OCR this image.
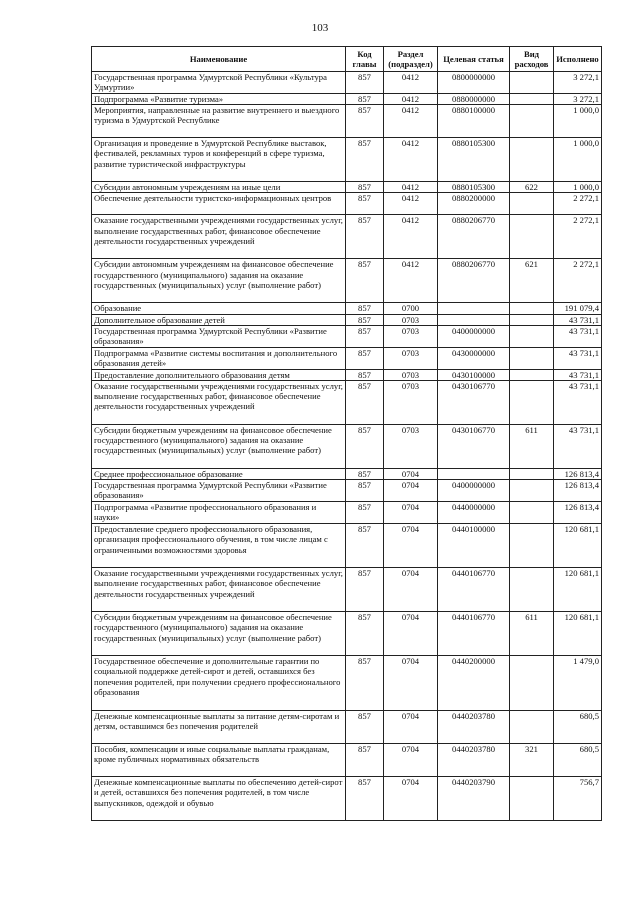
103
Наименование	Код главы	Раздел (подраздел)	Целевая статья	Вид расходов	Исполнено
Государственная программа Удмуртской Республики «Культура Удмуртии»	857	0412	0800000000		3 272,1
Подпрограмма «Развитие туризма»	857	0412	0880000000		3 272,1
Мероприятия, направленные на развитие внутреннего и выездного туризма в Удмуртской Республике	857	0412	0880100000		1 000,0
Организация и проведение в Удмуртской Республике выставок, фестивалей, рекламных туров и конференций в сфере туризма, развитие туристической инфраструктуры	857	0412	0880105300		1 000,0
Субсидии автономным учреждениям на иные цели	857	0412	0880105300	622	1 000,0
Обеспечение деятельности туристско-информационных центров	857	0412	0880200000		2 272,1
Оказание государственными учреждениями государственных услуг, выполнение государственных работ, финансовое обеспечение деятельности государственных учреждений	857	0412	0880206770		2 272,1
Субсидии автономным учреждениям на финансовое обеспечение государственного (муниципального) задания на оказание государственных (муниципальных) услуг (выполнение работ)	857	0412	0880206770	621	2 272,1
Образование	857	0700			191 079,4
Дополнительное образование детей	857	0703			43 731,1
Государственная программа Удмуртской Республики «Развитие образования»	857	0703	0400000000		43 731,1
Подпрограмма «Развитие системы воспитания и дополнительного образования детей»	857	0703	0430000000		43 731,1
Предоставление дополнительного образования детям	857	0703	0430100000		43 731,1
Оказание государственными учреждениями государственных услуг, выполнение государственных работ, финансовое обеспечение деятельности государственных учреждений	857	0703	0430106770		43 731,1
Субсидии бюджетным учреждениям на финансовое обеспечение государственного (муниципального) задания на оказание государственных (муниципальных) услуг (выполнение работ)	857	0703	0430106770	611	43 731,1
Среднее профессиональное образование	857	0704			126 813,4
Государственная программа Удмуртской Республики «Развитие образования»	857	0704	0400000000		126 813,4
Подпрограмма «Развитие профессионального образования и науки»	857	0704	0440000000		126 813,4
Предоставление среднего профессионального образования, организация профессионального обучения, в том числе лицам с ограниченными возможностями здоровья	857	0704	0440100000		120 681,1
Оказание государственными учреждениями государственных услуг, выполнение государственных работ, финансовое обеспечение деятельности государственных учреждений	857	0704	0440106770		120 681,1
Субсидии бюджетным учреждениям на финансовое обеспечение государственного (муниципального) задания на оказание государственных (муниципальных) услуг (выполнение работ)	857	0704	0440106770	611	120 681,1
Государственное обеспечение и дополнительные гарантии по социальной поддержке детей-сирот и детей, оставшихся без попечения родителей, при получении среднего профессионального образования	857	0704	0440200000		1 479,0
Денежные компенсационные выплаты за питание детям-сиротам и детям, оставшимся без попечения родителей	857	0704	0440203780		680,5
Пособия, компенсации и иные социальные выплаты гражданам, кроме публичных нормативных обязательств	857	0704	0440203780	321	680,5
Денежные компенсационные выплаты по обеспечению детей-сирот и детей, оставшихся без попечения родителей, в том числе выпускников, одеждой и обувью	857	0704	0440203790		756,7
